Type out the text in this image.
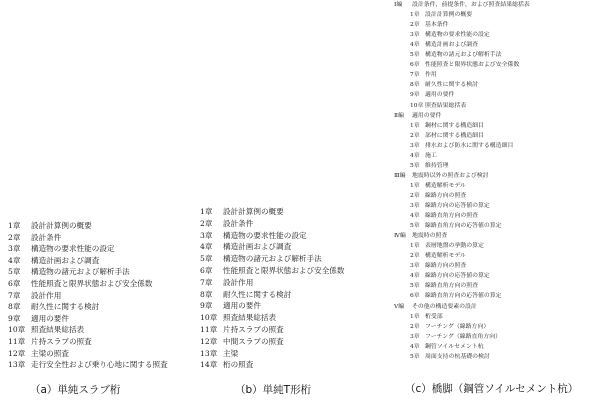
1章 設計計算例の概要
2章 設計条件
3章 構造物の要求性能の設定
4章 構造計画および調査
5章 構造物の諸元および解析手法
6章 性能照査と限界状態および安全係数
7章 設計作用
8章 耐久性に関する検討
9章 適用の要件
10章 照査結果総括表
11章 片持スラブの照査
12章 主梁の照査
13章 走行安全性および乗り心地に関する照査
（a）単純スラブ桁
1章 設計計算例の概要
2章 設計条件
3章 構造物の要求性能の設定
4章 構造計画および調査
5章 構造物の諸元および解析手法
6章 性能照査と限界状態および安全係数
7章 設計作用
8章 耐久性に関する検討
9章 適用の要件
10章 照査結果総括表
11章 片持スラブの照査
12章 中間スラブの照査
13章 主梁
14章 桁の照査
（b）単純T形桁
Ⅰ編 設計条件，前提条件，および照査結果総括表
1章 設計計算例の概要
2章 基本条件
3章 構造物の要求性能の設定
4章 構造計画および調査
5章 構造物の諸元および解析手法
6章 性能照査と限界状態および安全係数
7章 作用
8章 耐久性に関する検討
9章 適用の要件
10章 照査結果総括表
Ⅱ編 適用の要件
1章 鋼材に関する構造細目
2章 部材に関する構造細目
3章 排水および防水に関する構造細目
4章 施工
5章 維持管理
Ⅲ編 地震時以外の照査および検討
1章 構造解析モデル
2章 線路方向の照査
3章 線路方向の応答値の算定
4章 線路直角方向の照査
5章 線路直角方向の応答値の算定
Ⅳ編 地震時の照査
1章 表層地盤の挙動の算定
2章 構造解析モデル
3章 線路方向の照査
4章 線路方向の応答値の算定
5章 線路直角方向の照査
6章 線路直角方向の応答値の算定
Ⅴ編 その他の構造要素の設計
1章 桁受部
2章 フーチング（線路方向）
3章 フーチング（線路直角方向）
4章 鋼管ソイルセメント杭
5章 周面支持の杭基礎の検討
（c）橋脚（鋼管ソイルセメント杭）
